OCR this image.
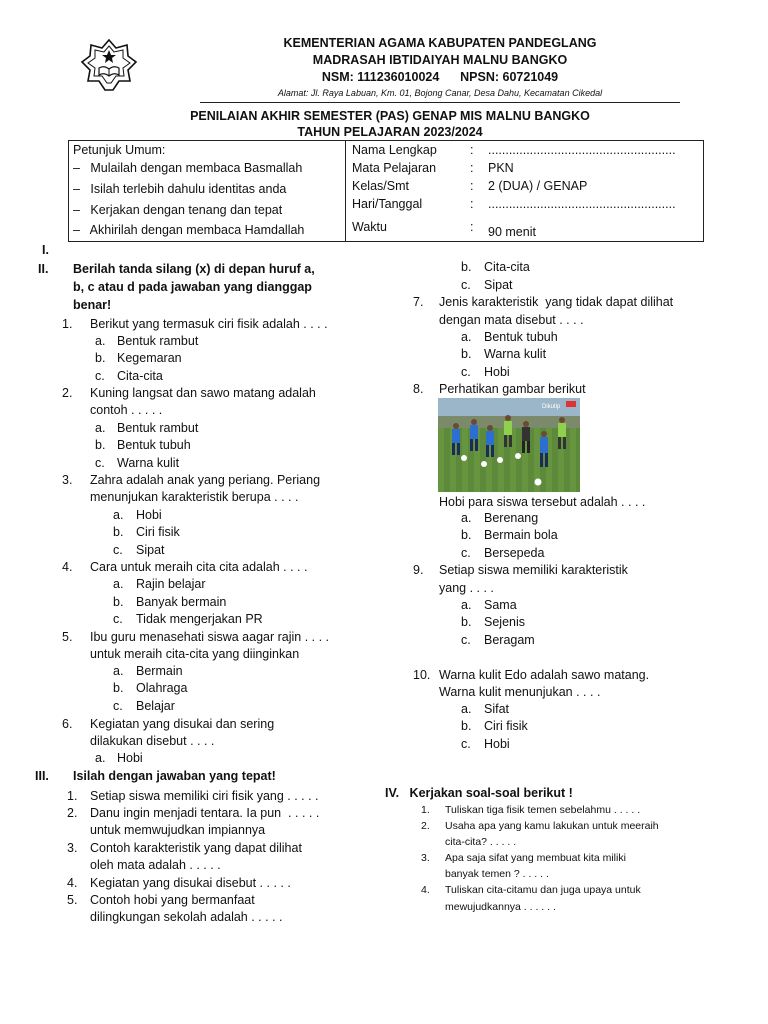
KEMENTERIAN AGAMA KABUPATEN PANDEGLANG
MADRASAH IBTIDAIYAH MALNU BANGKO
NSM: 111236010024      NPSN: 60721049
Alamat: Jl. Raya Labuan, Km. 01, Bojong Canar, Desa Dahu, Kecamatan Cikedal
PENILAIAN AKHIR SEMESTER (PAS) GENAP MIS MALNU BANGKO
TAHUN PELAJARAN 2023/2024
Petunjuk Umum:
–   Mulailah dengan membaca Basmallah
–   Isilah terlebih dahulu identitas anda
–   Kerjakan dengan tenang dan tepat
–   Akhirilah dengan membaca Hamdallah
Nama Lengkap
Mata Pelajaran
Kelas/Smt
Hari/Tanggal
Waktu
:
:
:
:
:
......................................................
PKN
2 (DUA) / GENAP
......................................................
90 menit
I.
II. Berilah tanda silang (x) di depan huruf a,
b, c atau d pada jawaban yang dianggap
benar!
1. Berikut yang termasuk ciri fisik adalah . . . .
a. Bentuk rambut
b. Kegemaran
c. Cita-cita
2. Kuning langsat dan sawo matang adalah
contoh . . . . .
a. Bentuk rambut
b. Bentuk tubuh
c. Warna kulit
3. Zahra adalah anak yang periang. Periang
menunjukan karakteristik berupa . . . .
a. Hobi
b. Ciri fisik
c. Sipat
4. Cara untuk meraih cita cita adalah . . . .
a. Rajin belajar
b. Banyak bermain
c. Tidak mengerjakan PR
5. Ibu guru menasehati siswa aagar rajin . . . .
untuk meraih cita-cita yang diinginkan
a. Bermain
b. Olahraga
c. Belajar
6. Kegiatan yang disukai dan sering
dilakukan disebut . . . .
a. Hobi
III. Isilah dengan jawaban yang tepat!
1. Setiap siswa memiliki ciri fisik yang . . . . .
2. Danu ingin menjadi tentara. Ia pun  . . . . .
untuk memwujudkan impiannya
3. Contoh karakteristik yang dapat dilihat
oleh mata adalah . . . . .
4. Kegiatan yang disukai disebut . . . . .
5. Contoh hobi yang bermanfaat
dilingkungan sekolah adalah . . . . .
b. Cita-cita
c. Sipat
7. Jenis karakteristik  yang tidak dapat dilihat
dengan mata disebut . . . .
a. Bentuk tubuh
b. Warna kulit
c. Hobi
8. Perhatikan gambar berikut
Hobi para siswa tersebut adalah . . . .
a. Berenang
b. Bermain bola
c. Bersepeda
9. Setiap siswa memiliki karakteristik
yang . . . .
a. Sama
b. Sejenis
c. Beragam
10. Warna kulit Edo adalah sawo matang.
Warna kulit menunjukan . . . .
a. Sifat
b. Ciri fisik
c. Hobi
Dikutip
IV.   Kerjakan soal-soal berikut !
1. Tuliskan tiga fisik temen sebelahmu . . . . .
2. Usaha apa yang kamu lakukan untuk meeraih
cita-cita? . . . . .
3. Apa saja sifat yang membuat kita miliki
banyak temen ? . . . . .
4. Tuliskan cita-citamu dan juga upaya untuk
mewujudkannya . . . . . .
